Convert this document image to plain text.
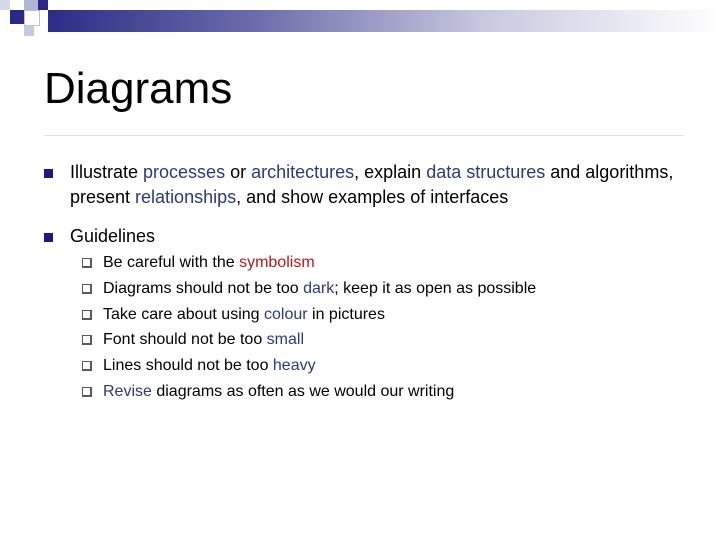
Diagrams
Illustrate processes or architectures, explain data structures and algorithms, present relationships, and show examples of interfaces
Guidelines
Be careful with the symbolism
Diagrams should not be too dark; keep it as open as possible
Take care about using colour in pictures
Font should not be too small
Lines should not be too heavy
Revise diagrams as often as we would our writing
